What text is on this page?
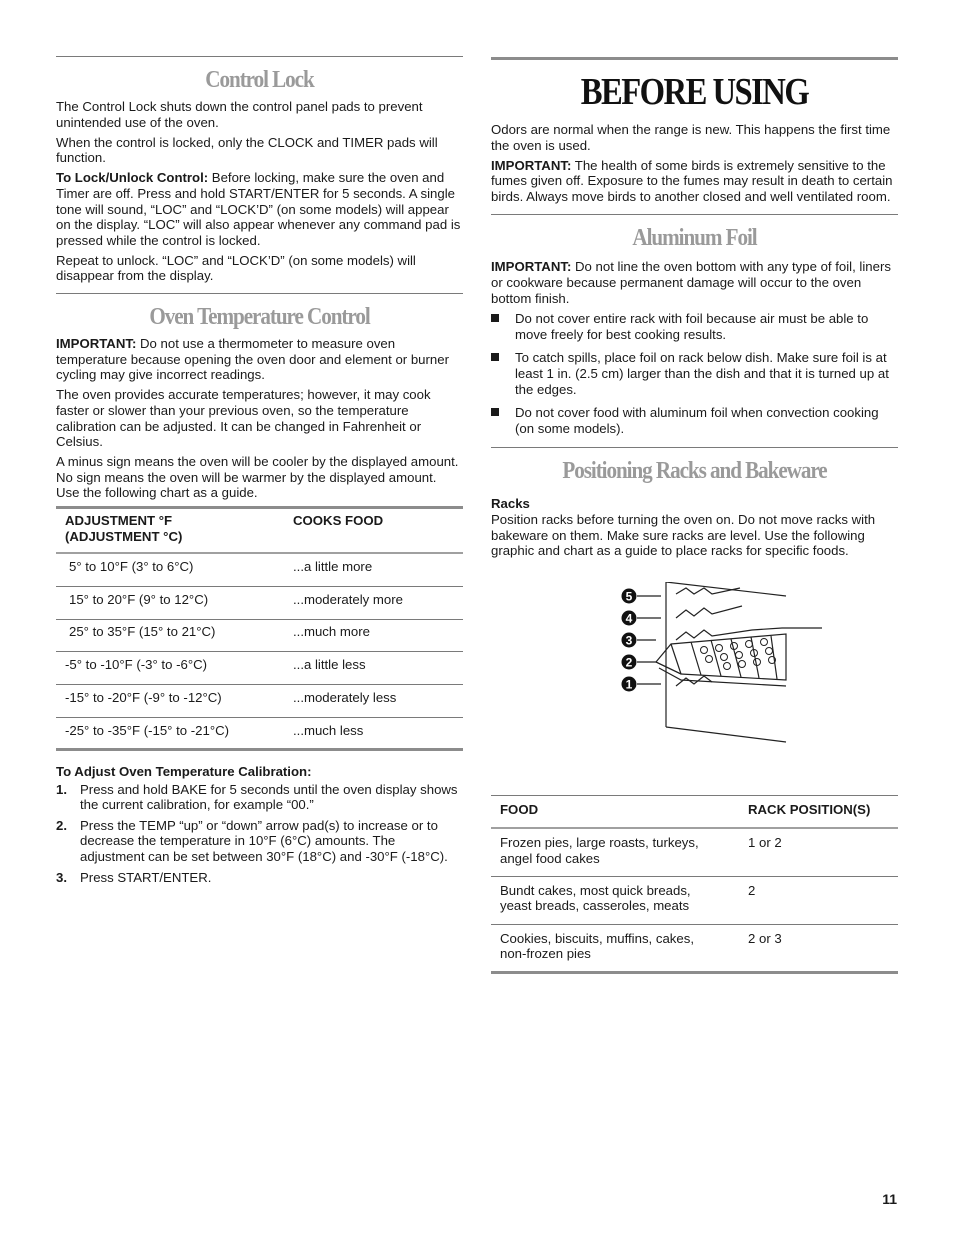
Control Lock

The Control Lock shuts down the control panel pads to prevent unintended use of the oven.

When the control is locked, only the CLOCK and TIMER pads will function.

To Lock/Unlock Control: Before locking, make sure the oven and Timer are off. Press and hold START/ENTER for 5 seconds. A single tone will sound, “LOC” and “LOCK’D” (on some models) will appear on the display. “LOC” will also appear whenever any command pad is pressed while the control is locked.

Repeat to unlock. “LOC” and “LOCK’D” (on some models) will disappear from the display.

Oven Temperature Control

IMPORTANT: Do not use a thermometer to measure oven temperature because opening the oven door and element or burner cycling may give incorrect readings.

The oven provides accurate temperatures; however, it may cook faster or slower than your previous oven, so the temperature calibration can be adjusted. It can be changed in Fahrenheit or Celsius.

A minus sign means the oven will be cooler by the displayed amount. No sign means the oven will be warmer by the displayed amount. Use the following chart as a guide.

ADJUSTMENT °F (ADJUSTMENT °C)	COOKS FOOD
5° to 10°F (3° to 6°C)	...a little more
15° to 20°F (9° to 12°C)	...moderately more
25° to 35°F (15° to 21°C)	...much more
-5° to -10°F (-3° to -6°C)	...a little less
-15° to -20°F (-9° to -12°C)	...moderately less
-25° to -35°F (-15° to -21°C)	...much less

To Adjust Oven Temperature Calibration:

1. Press and hold BAKE for 5 seconds until the oven display shows the current calibration, for example “00.”
2. Press the TEMP “up” or “down” arrow pad(s) to increase or to decrease the temperature in 10°F (6°C) amounts. The adjustment can be set between 30°F (18°C) and -30°F (-18°C).
3. Press START/ENTER.
BEFORE USING

Odors are normal when the range is new. This happens the first time the oven is used.

IMPORTANT: The health of some birds is extremely sensitive to the fumes given off. Exposure to the fumes may result in death to certain birds. Always move birds to another closed and well ventilated room.

Aluminum Foil

IMPORTANT: Do not line the oven bottom with any type of foil, liners or cookware because permanent damage will occur to the oven bottom finish.

Do not cover entire rack with foil because air must be able to move freely for best cooking results.
To catch spills, place foil on rack below dish. Make sure foil is at least 1 in. (2.5 cm) larger than the dish and that it is turned up at the edges.
Do not cover food with aluminum foil when convection cooking (on some models).
Positioning Racks and Bakeware

Racks

Position racks before turning the oven on. Do not move racks with bakeware on them. Make sure racks are level. Use the following graphic and chart as a guide to place racks for specific foods.

5
4
3
2
1
FOOD	RACK POSITION(S)
Frozen pies, large roasts, turkeys, angel food cakes	1 or 2
Bundt cakes, most quick breads, yeast breads, casseroles, meats	2
Cookies, biscuits, muffins, cakes, non-frozen pies	2 or 3
11
